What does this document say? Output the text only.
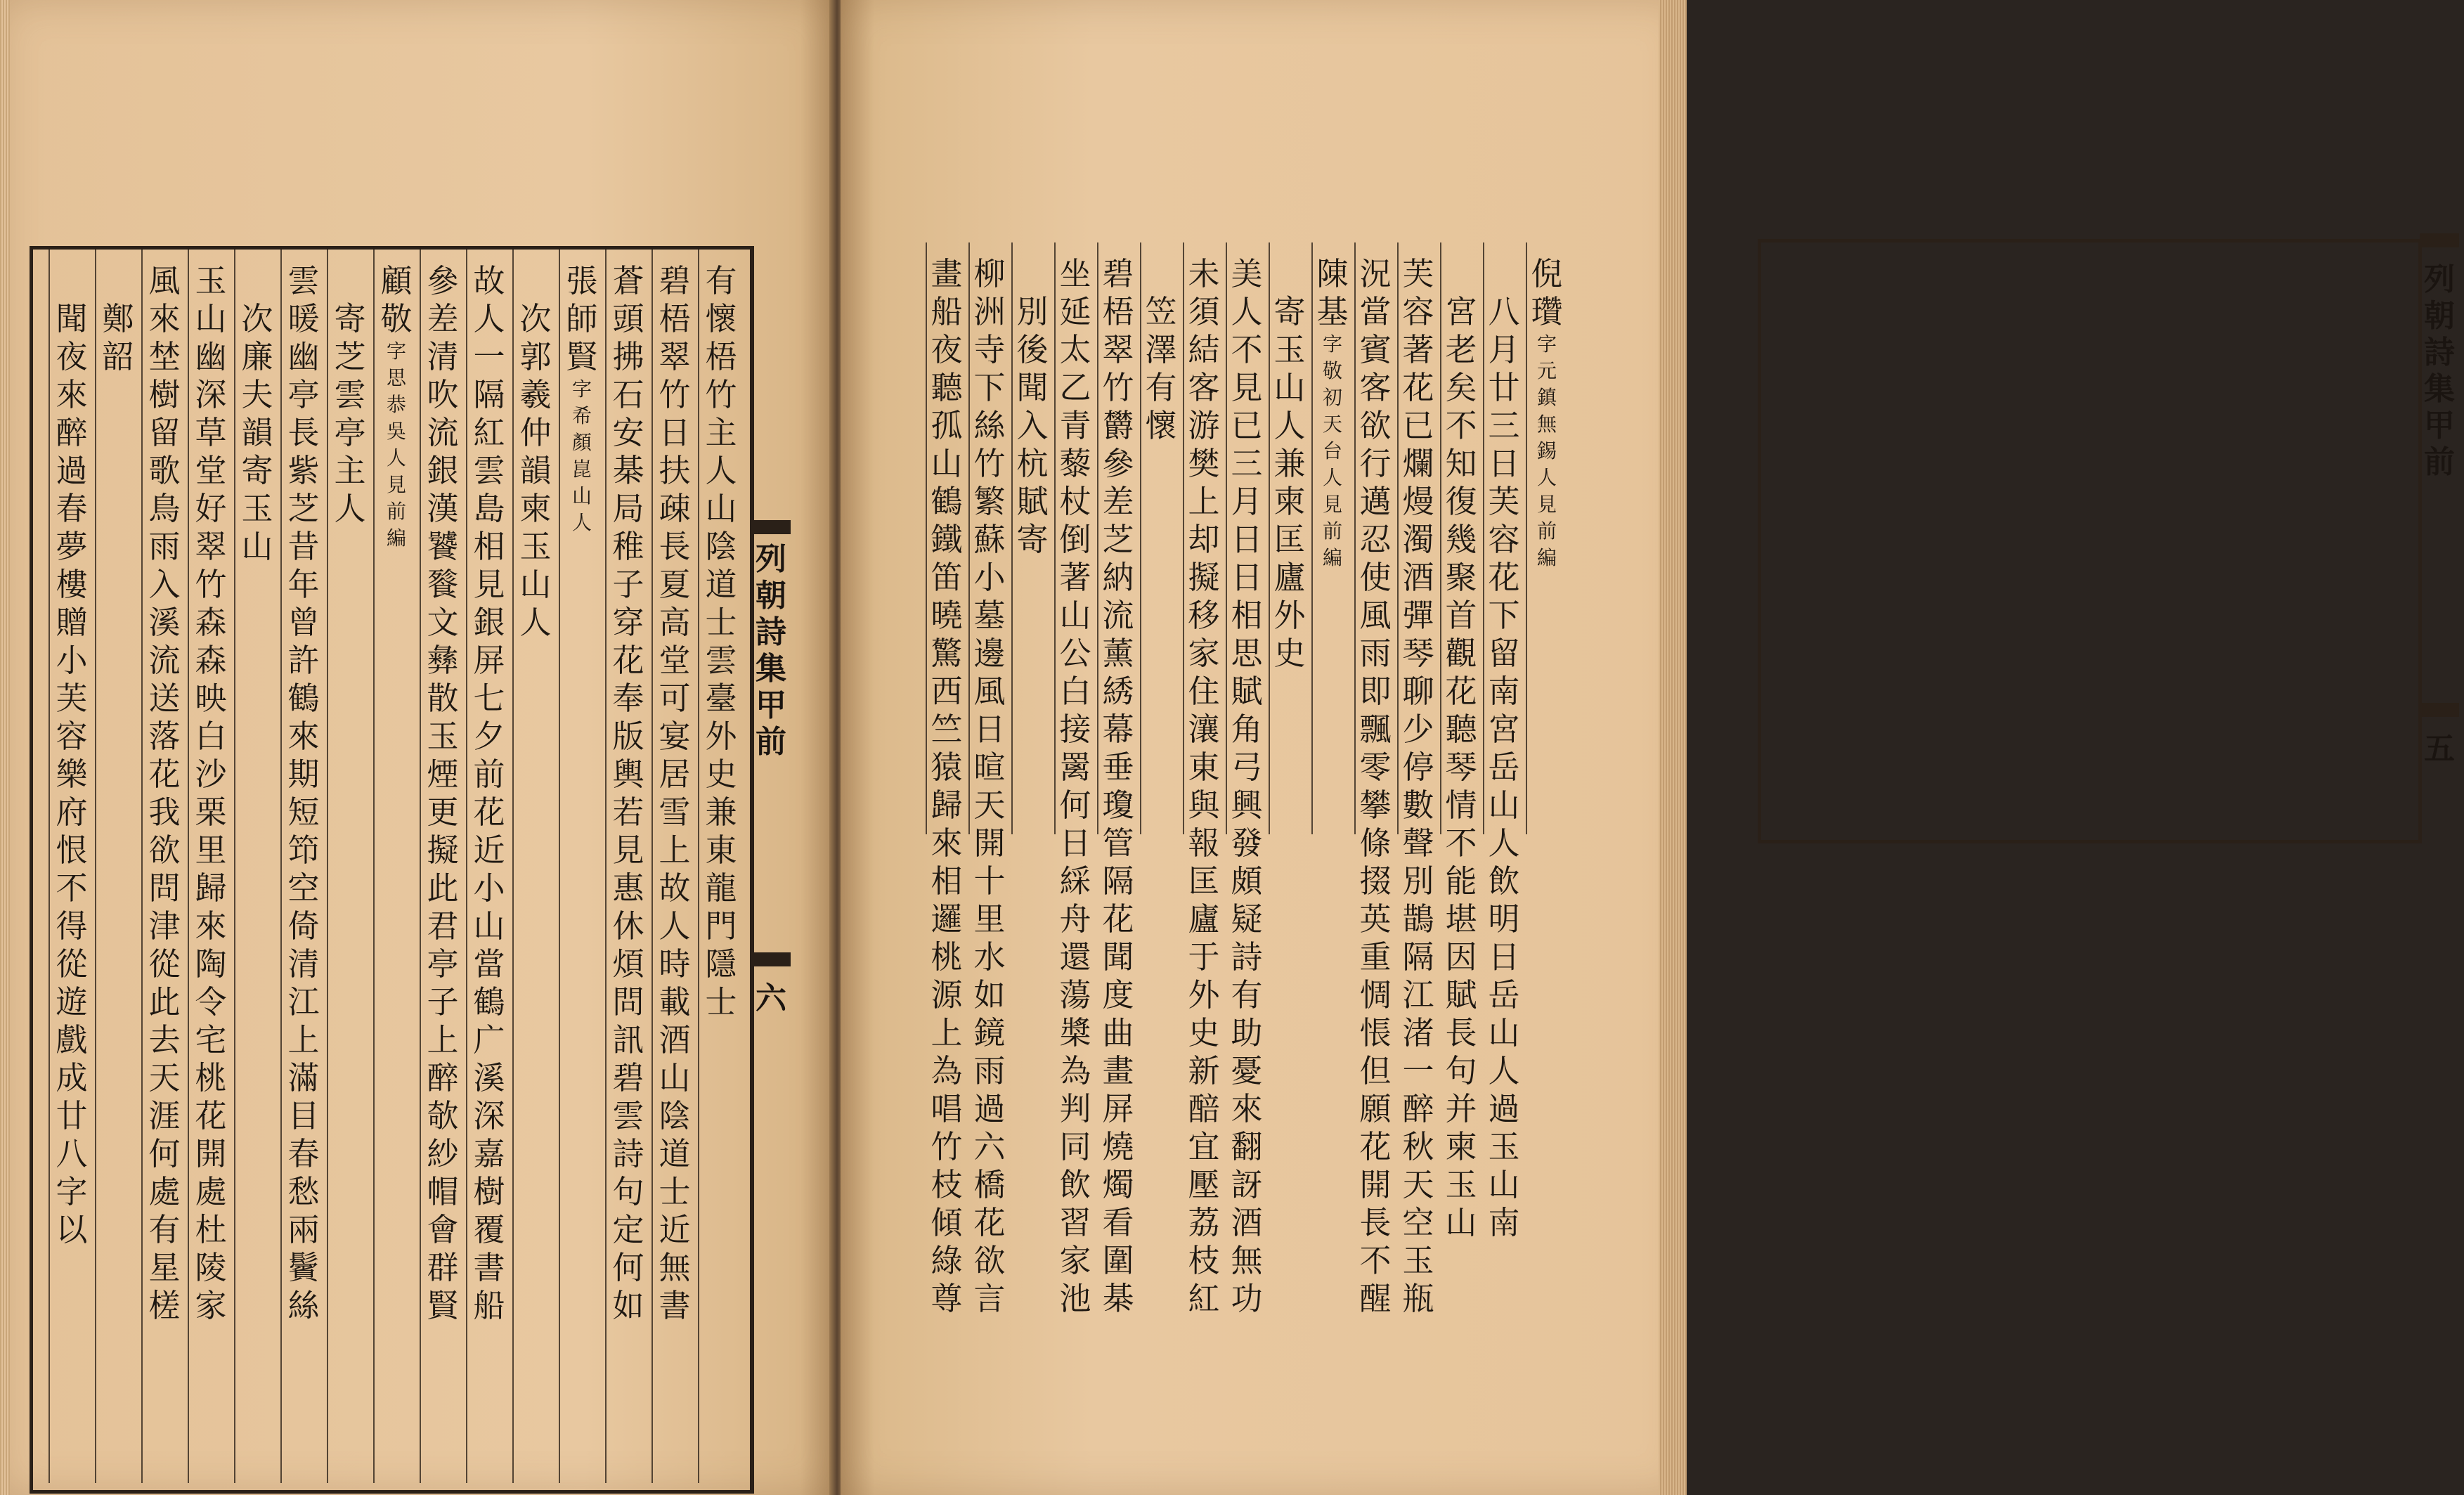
有
懷
梧
竹
主
人
山
陰
道
士
雲
臺
外
史
兼
東
龍
門
隱
士
碧
梧
翠
竹
日
扶
疎
長
夏
高
堂
可
宴
居
雪
上
故
人
時
載
酒
山
陰
道
士
近
無
書
蒼
頭
拂
石
安
棊
局
稚
子
穿
花
奉
版
輿
若
見
惠
休
煩
問
訊
碧
雲
詩
句
定
何
如
張
師
賢
字
希
顏
崑
山
人
次
郭
羲
仲
韻
柬
玉
山
人
故
人
一
隔
紅
雲
島
相
見
銀
屏
七
夕
前
花
近
小
山
當
鶴
广
溪
深
嘉
樹
覆
書
船
參
差
清
吹
流
銀
漢
饕
餮
文
彝
散
玉
煙
更
擬
此
君
亭
子
上
醉
欹
紗
帽
會
群
賢
顧
敬
字
思
恭
吳
人
見
前
編
寄
芝
雲
亭
主
人
雲
暖
幽
亭
長
紫
芝
昔
年
曾
許
鶴
來
期
短
笻
空
倚
清
江
上
滿
目
春
愁
兩
鬢
絲
次
廉
夫
韻
寄
玉
山
玉
山
幽
深
草
堂
好
翠
竹
森
森
映
白
沙
栗
里
歸
來
陶
令
宅
桃
花
開
處
杜
陵
家
風
來
埜
樹
留
歌
鳥
雨
入
溪
流
送
落
花
我
欲
問
津
從
此
去
天
涯
何
處
有
星
槎
鄭
韶
聞
夜
來
醉
過
春
夢
樓
贈
小
芙
容
樂
府
恨
不
得
從
遊
戲
成
廿
八
字
以
列
朝
詩
集
甲
前
六
列
朝
詩
集
甲
前
五
倪
瓚
字
元
鎮
無
錫
人
見
前
編
八
月
廿
三
日
芙
容
花
下
留
南
宮
岳
山
人
飲
明
日
岳
山
人
過
玉
山
南
宮
老
矣
不
知
復
幾
聚
首
觀
花
聽
琴
情
不
能
堪
因
賦
長
句
并
柬
玉
山
芙
容
著
花
已
爛
熳
濁
酒
彈
琴
聊
少
停
數
聲
別
鵲
隔
江
渚
一
醉
秋
天
空
玉
瓶
況
當
賓
客
欲
行
邁
忍
使
風
雨
即
飄
零
攀
條
掇
英
重
惆
悵
但
願
花
開
長
不
醒
陳
基
字
敬
初
天
台
人
見
前
編
寄
玉
山
人
兼
柬
匡
廬
外
史
美
人
不
見
已
三
月
日
日
相
思
賦
角
弓
興
發
頗
疑
詩
有
助
憂
來
翻
訝
酒
無
功
未
須
結
客
游
樊
上
却
擬
移
家
住
瀼
東
與
報
匡
廬
于
外
史
新
醅
宜
壓
荔
枝
紅
笠
澤
有
懷
碧
梧
翠
竹
欝
參
差
芝
納
流
薰
綉
幕
垂
瓊
管
隔
花
聞
度
曲
畫
屏
燒
燭
看
圍
棊
坐
延
太
乙
青
藜
杖
倒
著
山
公
白
接
䍠
何
日
綵
舟
還
蕩
槳
為
判
同
飲
習
家
池
別
後
聞
入
杭
賦
寄
柳
洲
寺
下
絲
竹
繁
蘇
小
墓
邊
風
日
暄
天
開
十
里
水
如
鏡
雨
過
六
橋
花
欲
言
畫
船
夜
聽
孤
山
鶴
鐵
笛
曉
驚
西
竺
猿
歸
來
相
邏
桃
源
上
為
唱
竹
枝
傾
綠
尊
